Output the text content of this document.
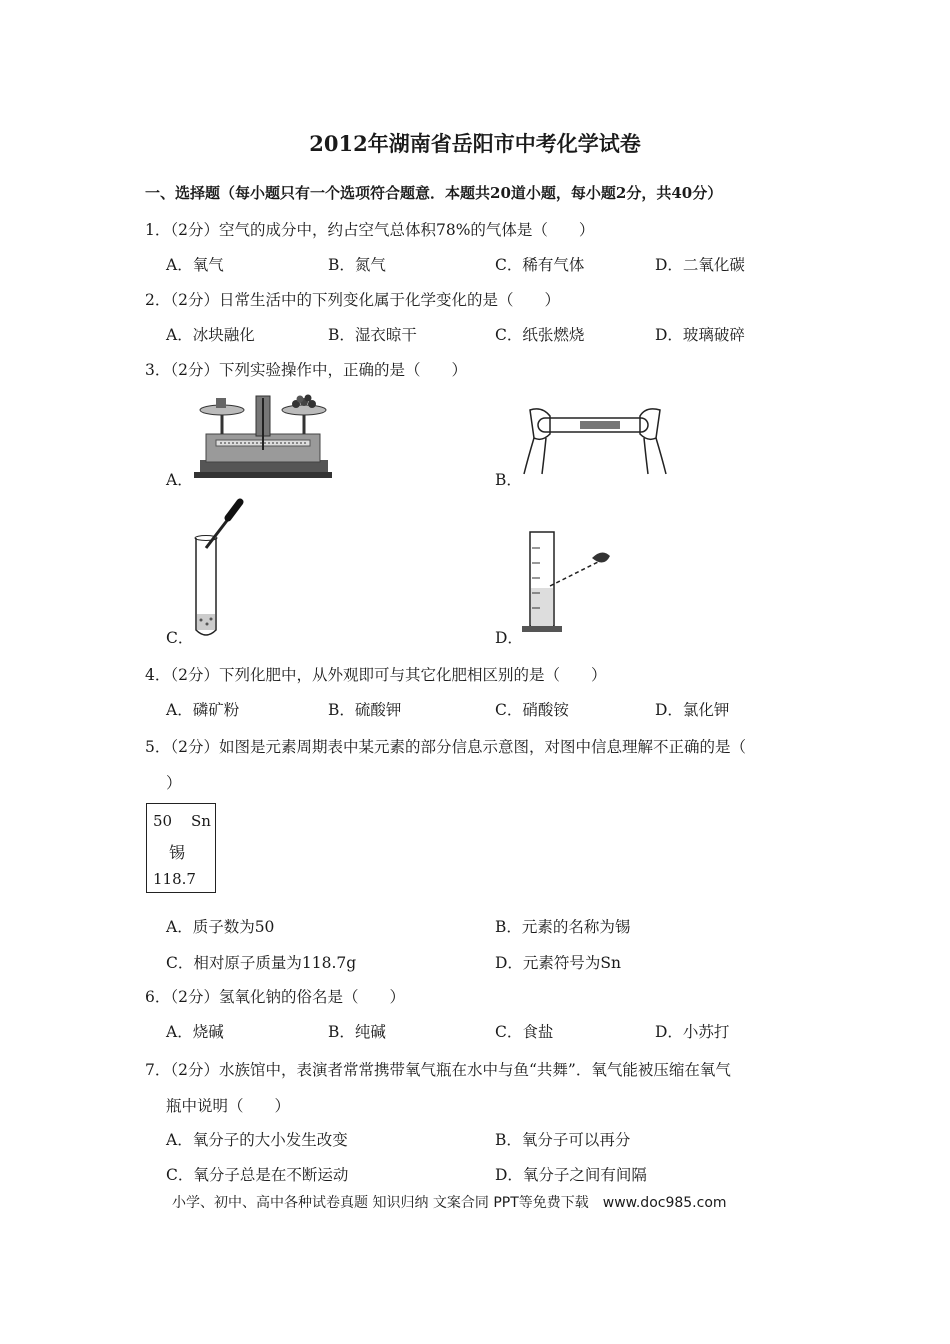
2012年湖南省岳阳市中考化学试卷
一、选择题（每小题只有一个选项符合题意．本题共20道小题，每小题2分，共40分）
1．（2分）空气的成分中，约占空气总体积78%的气体是（　　）
A．氧气	B．氮气	C．稀有气体	D．二氧化碳
2．（2分）日常生活中的下列变化属于化学变化的是（　　）
A．冰块融化	B．湿衣晾干	C．纸张燃烧	D．玻璃破碎
3．（2分）下列实验操作中，正确的是（　　）
A．	B．
C．	D．
4．（2分）下列化肥中，从外观即可与其它化肥相区别的是（　　）
A．磷矿粉	B．硫酸钾	C．硝酸铵	D．氯化钾
5．（2分）如图是元素周期表中某元素的部分信息示意图，对图中信息理解不正确的是（
）
50 Sn
锡
118.7
A．质子数为50	B．元素的名称为锡
C．相对原子质量为118.7g	D．元素符号为Sn
6．（2分）氢氧化钠的俗名是（　　）
A．烧碱	B．纯碱	C．食盐	D．小苏打
7．（2分）水族馆中，表演者常常携带氧气瓶在水中与鱼“共舞”．氧气能被压缩在氧气
瓶中说明（　　）
A．氧分子的大小发生改变	B．氧分子可以再分
C．氧分子总是在不断运动	D．氧分子之间有间隔
小学、初中、高中各种试卷真题 知识归纳 文案合同 PPT等免费下载　www.doc985.com
